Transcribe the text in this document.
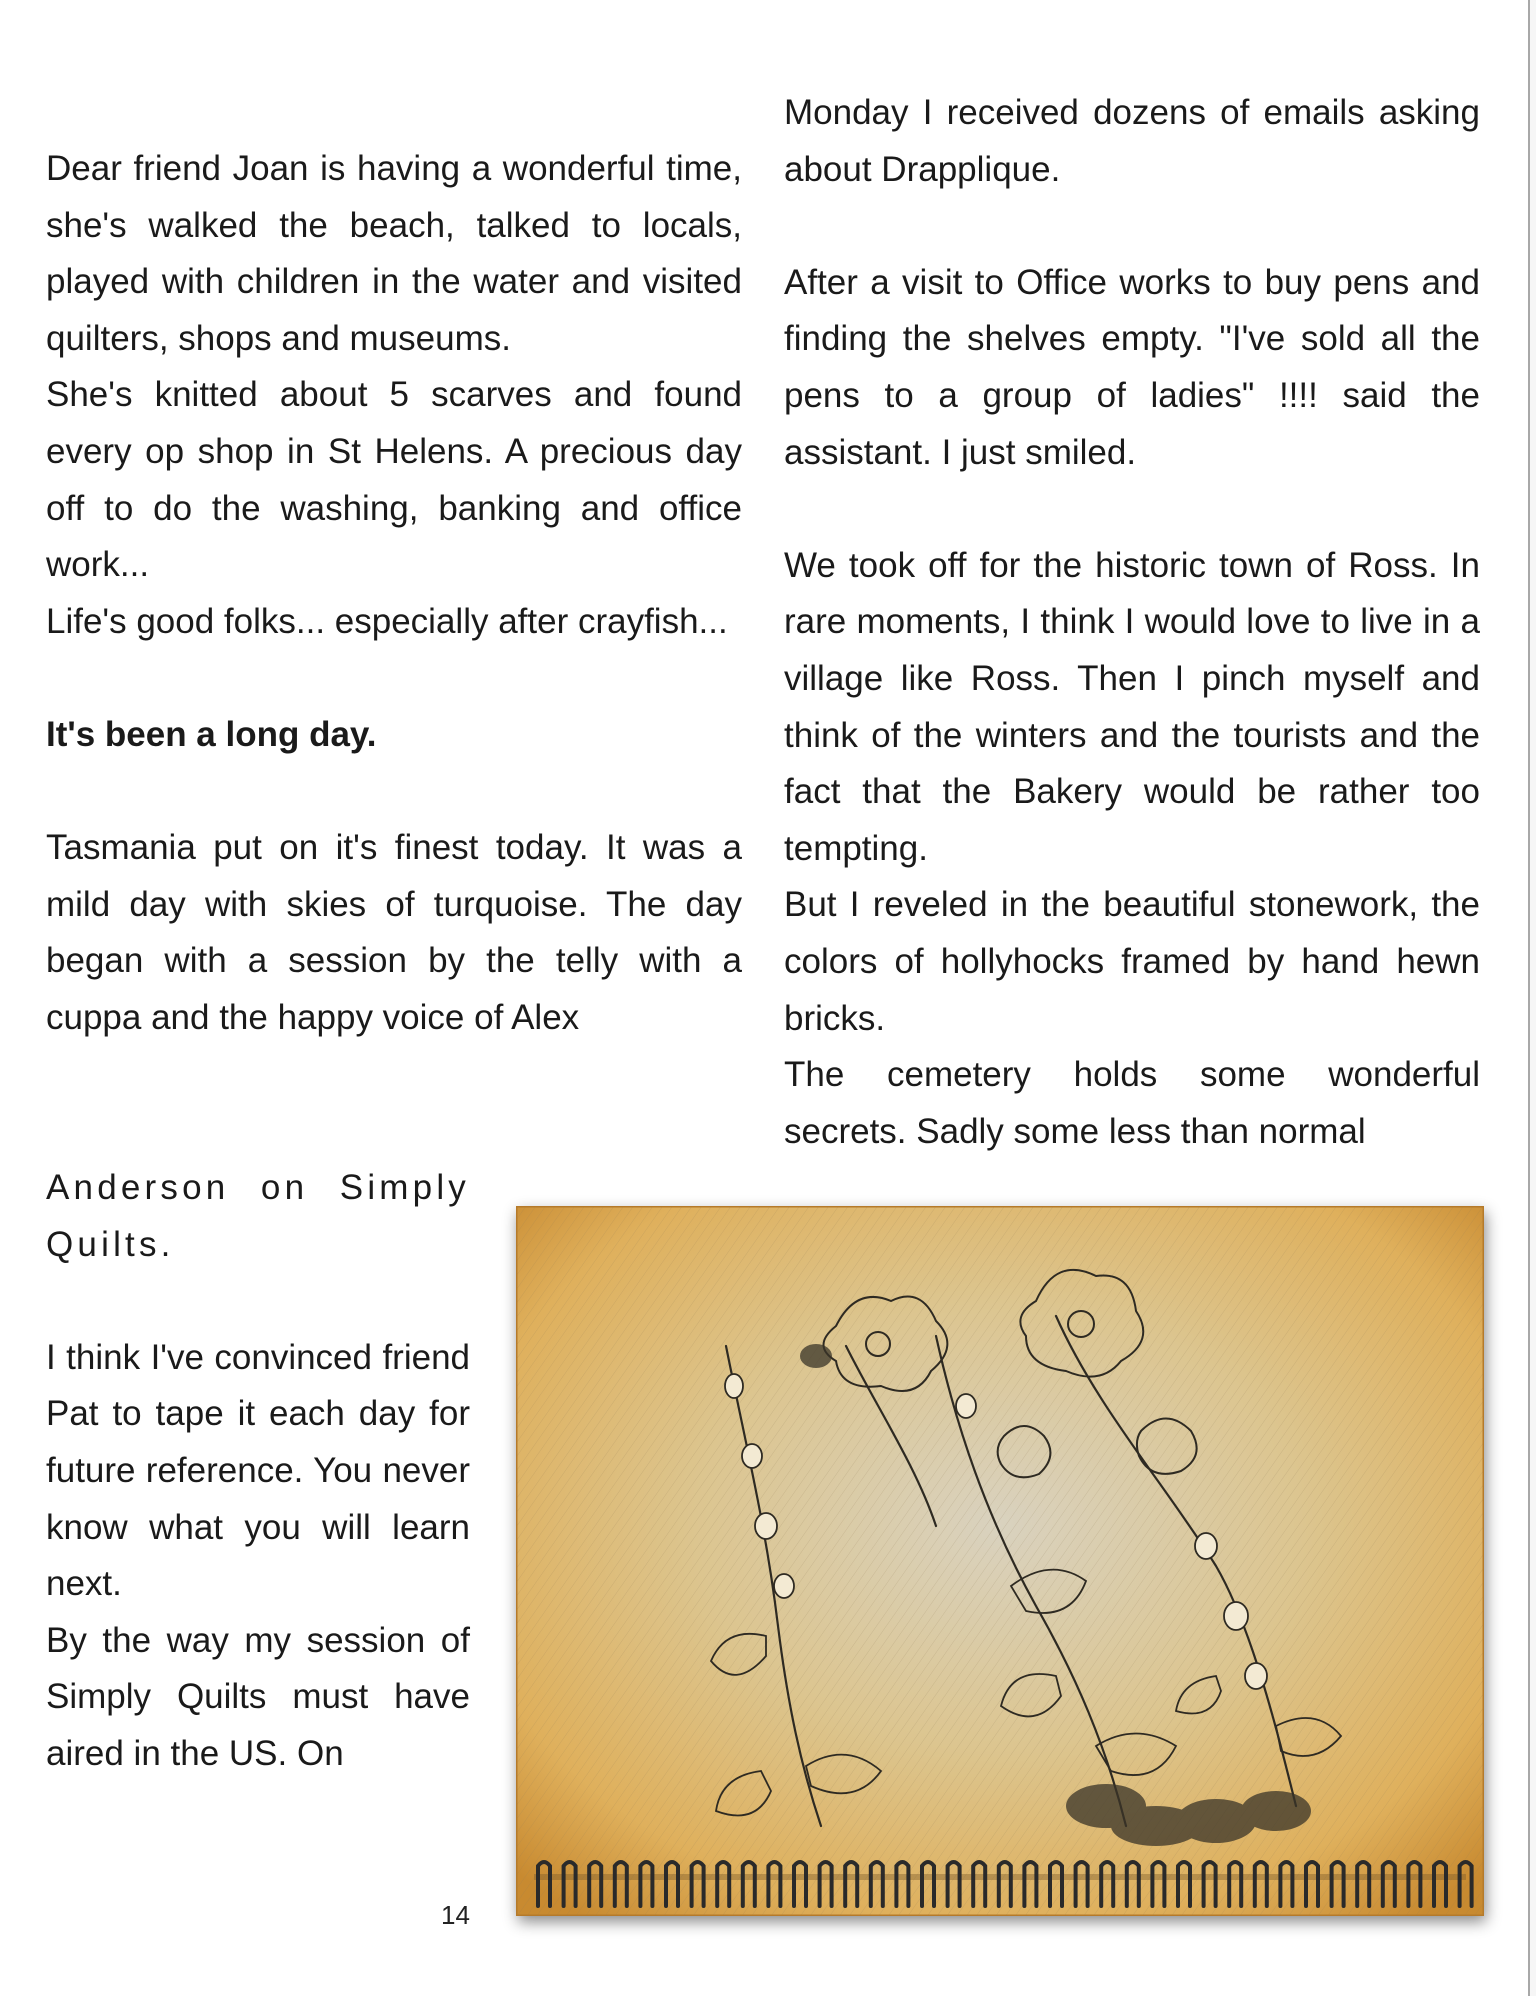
Dear friend Joan is having a wonderful time, she's walked the beach, talked to locals, played with children in the water and visited quilters, shops and museums.

She's knitted about 5 scarves and found every op shop in St Helens. A precious day off to do the washing, banking and office work...

Life's good folks... especially after crayfish...

It's been a long day.

Tasmania put on it's finest today. It was a mild day with skies of turquoise. The day began with a session by the telly with a cuppa and the happy voice of Alex

Anderson on Simply Quilts.

I think I've convinced friend Pat to tape it each day for future reference. You never know what you will learn next.

By the way my session of Simply Quilts must have aired in the US. On

Monday I received dozens of emails asking about Drapplique.

After a visit to Office works to buy pens and finding the shelves empty. "I've sold all the pens to a group of ladies" !!!! said the assistant. I just smiled.

We took off for the historic town of Ross. In rare moments, I think I would love to live in a village like Ross. Then I pinch myself and think of the winters and the tourists and the fact that the Bakery would be rather too tempting.

But I reveled in the beautiful stonework, the colors of hollyhocks framed by hand hewn bricks.

The cemetery holds some wonderful secrets. Sadly some less than normal

14
